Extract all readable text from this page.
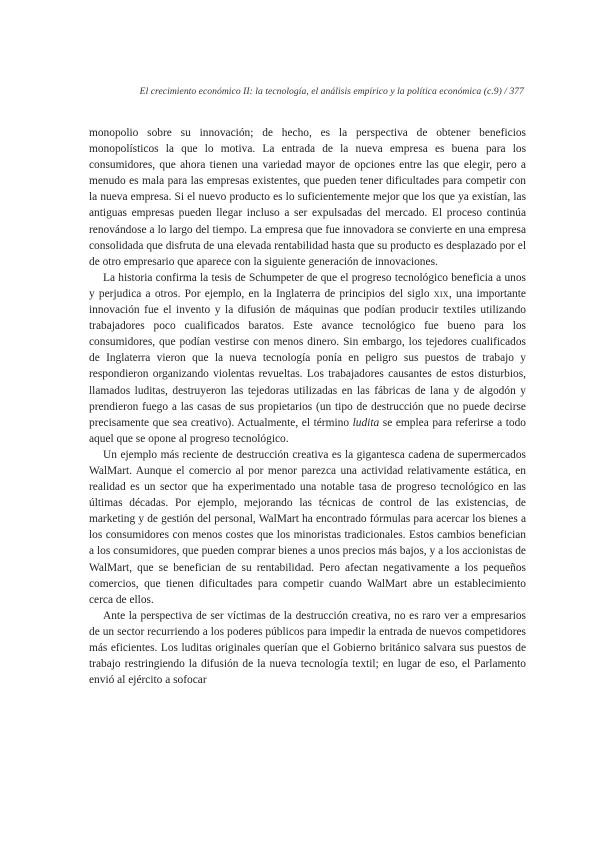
El crecimiento económico II: la tecnología, el análisis empírico y la política económica (c.9) / 377

monopolio sobre su innovación; de hecho, es la perspectiva de obtener beneficios monopolísticos la que lo motiva. La entrada de la nueva empresa es buena para los consumidores, que ahora tienen una variedad mayor de opciones entre las que elegir, pero a menudo es mala para las empresas existentes, que pueden tener dificultades para competir con la nueva empresa. Si el nuevo producto es lo suficientemente mejor que los que ya existían, las antiguas empresas pueden llegar incluso a ser expulsadas del mercado. El proceso continúa renovándose a lo largo del tiempo. La empresa que fue innovadora se convierte en una empresa consolidada que disfruta de una elevada rentabilidad hasta que su producto es desplazado por el de otro empresario que aparece con la siguiente generación de innovaciones.

La historia confirma la tesis de Schumpeter de que el progreso tecnológico beneficia a unos y perjudica a otros. Por ejemplo, en la Inglaterra de principios del siglo xix, una importante innovación fue el invento y la difusión de máquinas que podían producir textiles utilizando trabajadores poco cualificados baratos. Este avance tecnológico fue bueno para los consumidores, que podían vestirse con menos dinero. Sin embargo, los tejedores cualificados de Inglaterra vieron que la nueva tecnología ponía en peligro sus puestos de trabajo y respondieron organizando violentas revueltas. Los trabajadores causantes de estos disturbios, llamados luditas, destruyeron las tejedoras utilizadas en las fábricas de lana y de algodón y prendieron fuego a las casas de sus propietarios (un tipo de destrucción que no puede decirse precisamente que sea creativo). Actualmente, el término ludita se emplea para referirse a todo aquel que se opone al progreso tecnológico.

Un ejemplo más reciente de destrucción creativa es la gigantesca cadena de supermercados WalMart. Aunque el comercio al por menor parezca una actividad relativamente estática, en realidad es un sector que ha experimentado una notable tasa de progreso tecnológico en las últimas décadas. Por ejemplo, mejorando las técnicas de control de las existencias, de marketing y de gestión del personal, WalMart ha encontrado fórmulas para acercar los bienes a los consumidores con menos costes que los minoristas tradicionales. Estos cambios benefician a los consumidores, que pueden comprar bienes a unos precios más bajos, y a los accionistas de WalMart, que se benefician de su rentabilidad. Pero afectan negativamente a los pequeños comercios, que tienen dificultades para competir cuando WalMart abre un establecimiento cerca de ellos.

Ante la perspectiva de ser víctimas de la destrucción creativa, no es raro ver a empresarios de un sector recurriendo a los poderes públicos para impedir la entrada de nuevos competidores más eficientes. Los luditas originales querían que el Gobierno británico salvara sus puestos de trabajo restringiendo la difusión de la nueva tecnología textil; en lugar de eso, el Parlamento envió al ejército a sofocar
